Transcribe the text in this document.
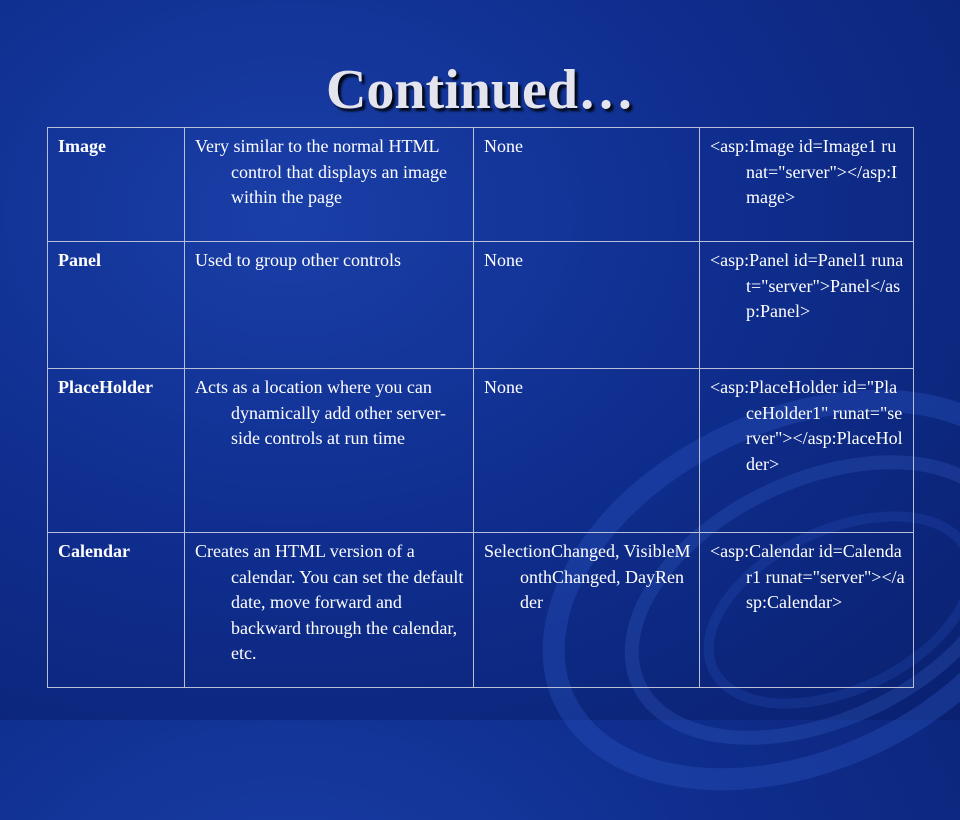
Continued…
Image	Very similar to the normal HTML control that displays an image within the page	None	<asp:Image id=Image1 runat="server"></asp:Image>

Panel	Used to group other controls	None	<asp:Panel id=Panel1 runat="server">Panel</asp:Panel>

PlaceHolder	Acts as a location where you can dynamically add other server-side controls at run time	None	<asp:PlaceHolder id="PlaceHolder1" runat="server"></asp:PlaceHolder>

Calendar	Creates an HTML version of a calendar. You can set the default date, move forward and backward through the calendar, etc.	SelectionChanged, VisibleMonthChanged, DayRender	<asp:Calendar id=Calendar1 runat="server"></asp:Calendar>
